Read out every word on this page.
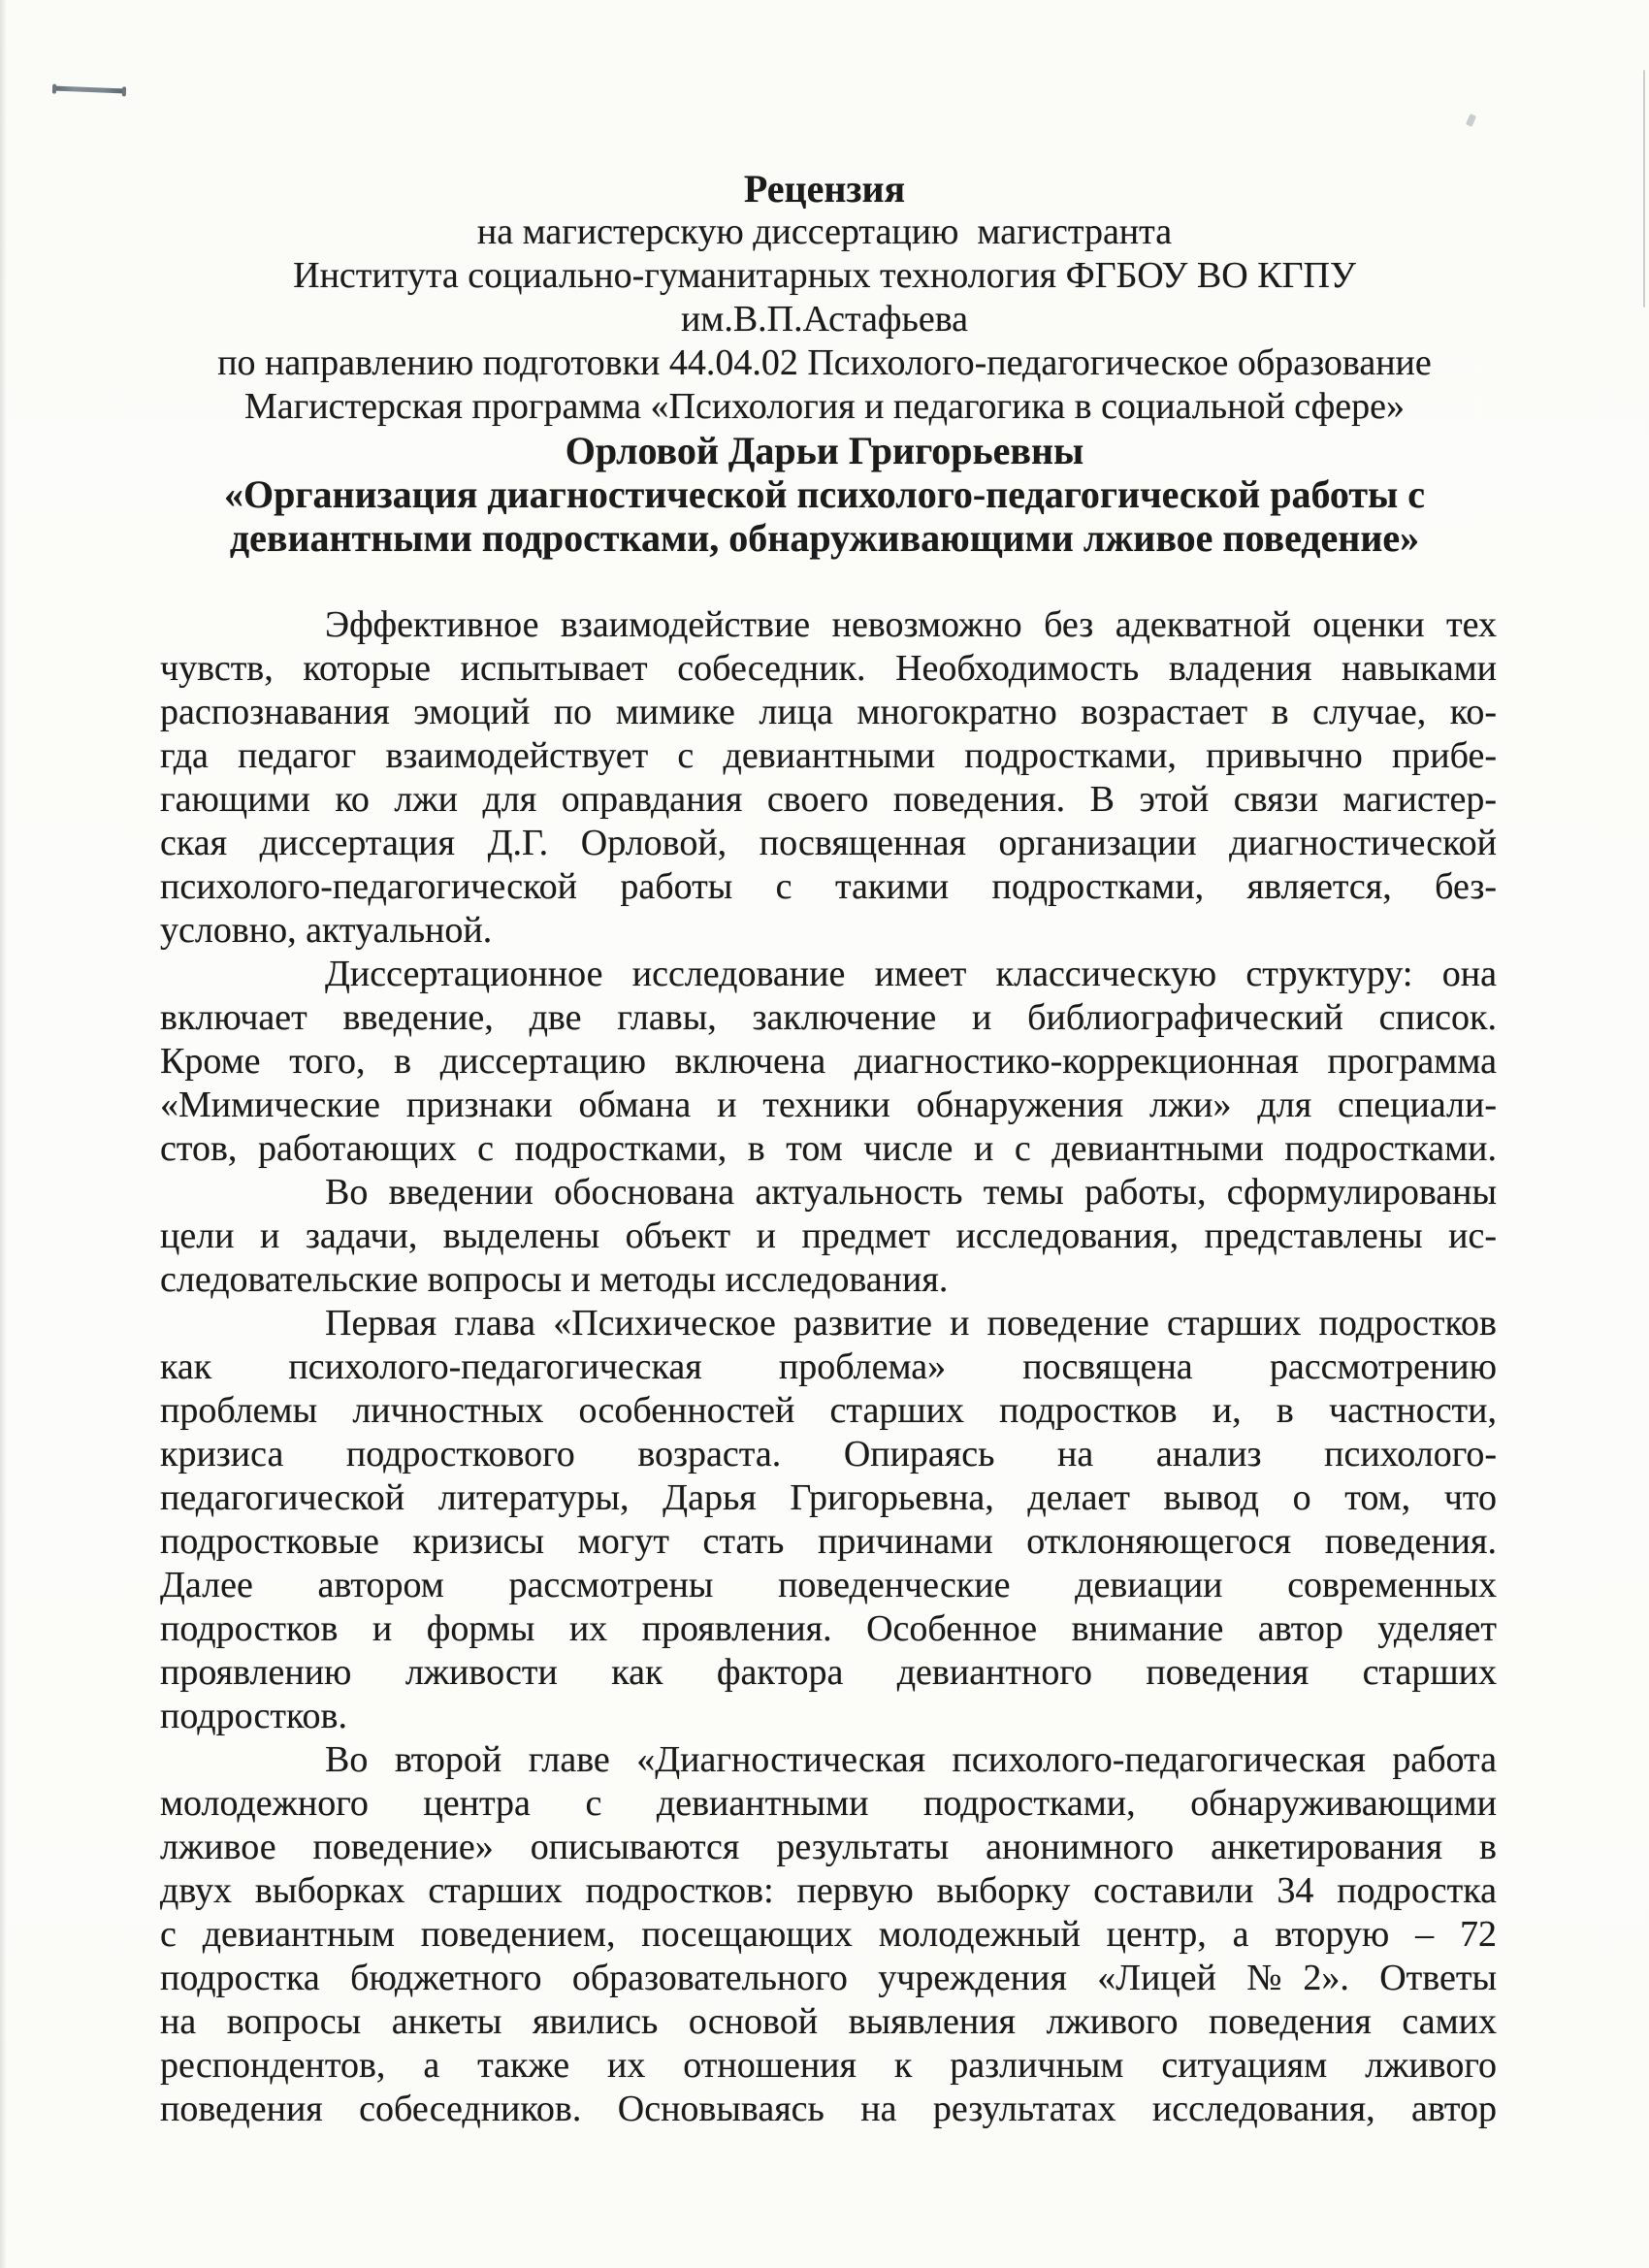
Рецензия
на магистерскую диссертацию  магистранта
Института социально-гуманитарных технология ФГБОУ ВО КГПУ
им.В.П.Астафьева
по направлению подготовки 44.04.02 Психолого-педагогическое образование
Магистерская программа «Психология и педагогика в социальной сфере»
Орловой Дарьи Григорьевны
«Организация диагностической психолого-педагогической работы с
девиантными подростками, обнаруживающими лживое поведение»
Эффективное взаимодействие невозможно без адекватной оценки тех
чувств, которые испытывает собеседник. Необходимость владения навыками
распознавания эмоций по мимике лица многократно возрастает в случае, ко-
гда педагог взаимодействует с девиантными подростками, привычно прибе-
гающими ко лжи для оправдания своего поведения. В этой связи магистер-
ская диссертация Д.Г. Орловой, посвященная организации диагностической
психолого-педагогической работы с такими подростками, является, без-
условно, актуальной.
Диссертационное исследование имеет классическую структуру: она
включает введение, две главы, заключение и библиографический список.
Кроме того, в диссертацию включена диагностико-коррекционная программа
«Мимические признаки обмана и техники обнаружения лжи» для специали-
стов, работающих с подростками, в том числе и с девиантными подростками.
Во введении обоснована актуальность темы работы, сформулированы
цели и задачи, выделены объект и предмет исследования, представлены ис-
следовательские вопросы и методы исследования.
Первая глава «Психическое развитие и поведение старших подростков
как психолого-педагогическая проблема» посвящена рассмотрению
проблемы личностных особенностей старших подростков и, в частности,
кризиса подросткового возраста. Опираясь на анализ психолого-
педагогической литературы, Дарья Григорьевна, делает вывод о том, что
подростковые кризисы могут стать причинами отклоняющегося поведения.
Далее автором рассмотрены поведенческие девиации современных
подростков и формы их проявления. Особенное внимание автор уделяет
проявлению лживости как фактора девиантного поведения старших
подростков.
Во второй главе «Диагностическая психолого-педагогическая работа
молодежного центра с девиантными подростками, обнаруживающими
лживое поведение» описываются результаты анонимного анкетирования в
двух выборках старших подростков: первую выборку составили 34 подростка
с девиантным поведением, посещающих молодежный центр, а вторую – 72
подростка бюджетного образовательного учреждения «Лицей №2». Ответы
на вопросы анкеты явились основой выявления лживого поведения самих
респондентов, а также их отношения к различным ситуациям лживого
поведения собеседников. Основываясь на результатах исследования, автор
